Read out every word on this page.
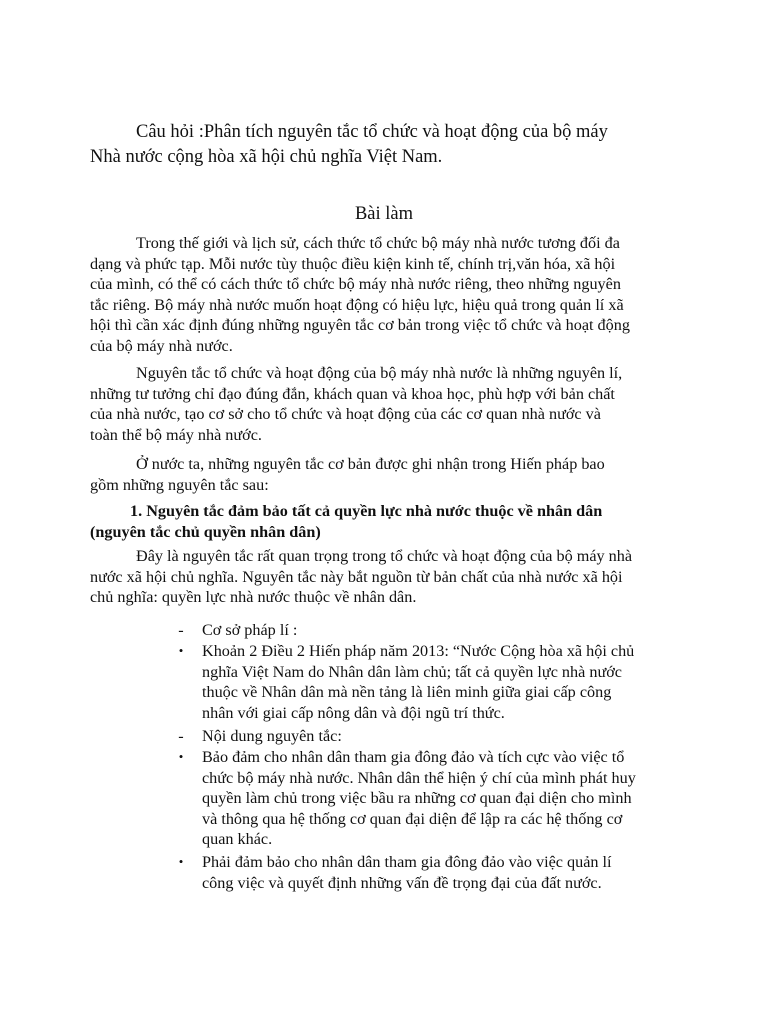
Câu hỏi :Phân tích nguyên tắc tổ chức và hoạt động của bộ máy
Nhà nước cộng hòa xã hội chủ nghĩa Việt Nam.

Bài làm

Trong thế giới và lịch sử, cách thức tổ chức bộ máy nhà nước tương đối đa
dạng và phức tạp. Mỗi nước tùy thuộc điều kiện kinh tế, chính trị,văn hóa, xã hội
của mình, có thể có cách thức tổ chức bộ máy nhà nước riêng, theo những nguyên
tắc riêng. Bộ máy nhà nước muốn hoạt động có hiệu lực, hiệu quả trong quản lí xã
hội thì cần xác định đúng những nguyên tắc cơ bản trong việc tổ chức và hoạt động
của bộ máy nhà nước.

Nguyên tắc tổ chức và hoạt động của bộ máy nhà nước là những nguyên lí,
những tư tưởng chỉ đạo đúng đắn, khách quan và khoa học, phù hợp với bản chất
của nhà nước, tạo cơ sở cho tổ chức và hoạt động của các cơ quan nhà nước và
toàn thể bộ máy nhà nước.

Ở nước ta, những nguyên tắc cơ bản được ghi nhận trong Hiến pháp bao
gồm những nguyên tắc sau:

1. Nguyên tắc đảm bảo tất cả quyền lực nhà nước thuộc về nhân dân
(nguyên tắc chủ quyền nhân dân)

Đây là nguyên tắc rất quan trọng trong tổ chức và hoạt động của bộ máy nhà
nước xã hội chủ nghĩa. Nguyên tắc này bắt nguồn từ bản chất của nhà nước xã hội
chủ nghĩa: quyền lực nhà nước thuộc về nhân dân.

- Cơ sở pháp lí :
• Khoản 2 Điều 2 Hiến pháp năm 2013: “Nước Cộng hòa xã hội chủ
nghĩa Việt Nam do Nhân dân làm chủ; tất cả quyền lực nhà nước
thuộc về Nhân dân mà nền tảng là liên minh giữa giai cấp công
nhân với giai cấp nông dân và đội ngũ trí thức.
- Nội dung nguyên tắc:
• Bảo đảm cho nhân dân tham gia đông đảo và tích cực vào việc tổ
chức bộ máy nhà nước. Nhân dân thể hiện ý chí của mình phát huy
quyền làm chủ trong việc bầu ra những cơ quan đại diện cho mình
và thông qua hệ thống cơ quan đại diện để lập ra các hệ thống cơ
quan khác.
• Phải đảm bảo cho nhân dân tham gia đông đảo vào việc quản lí
công việc và quyết định những vấn đề trọng đại của đất nước.
